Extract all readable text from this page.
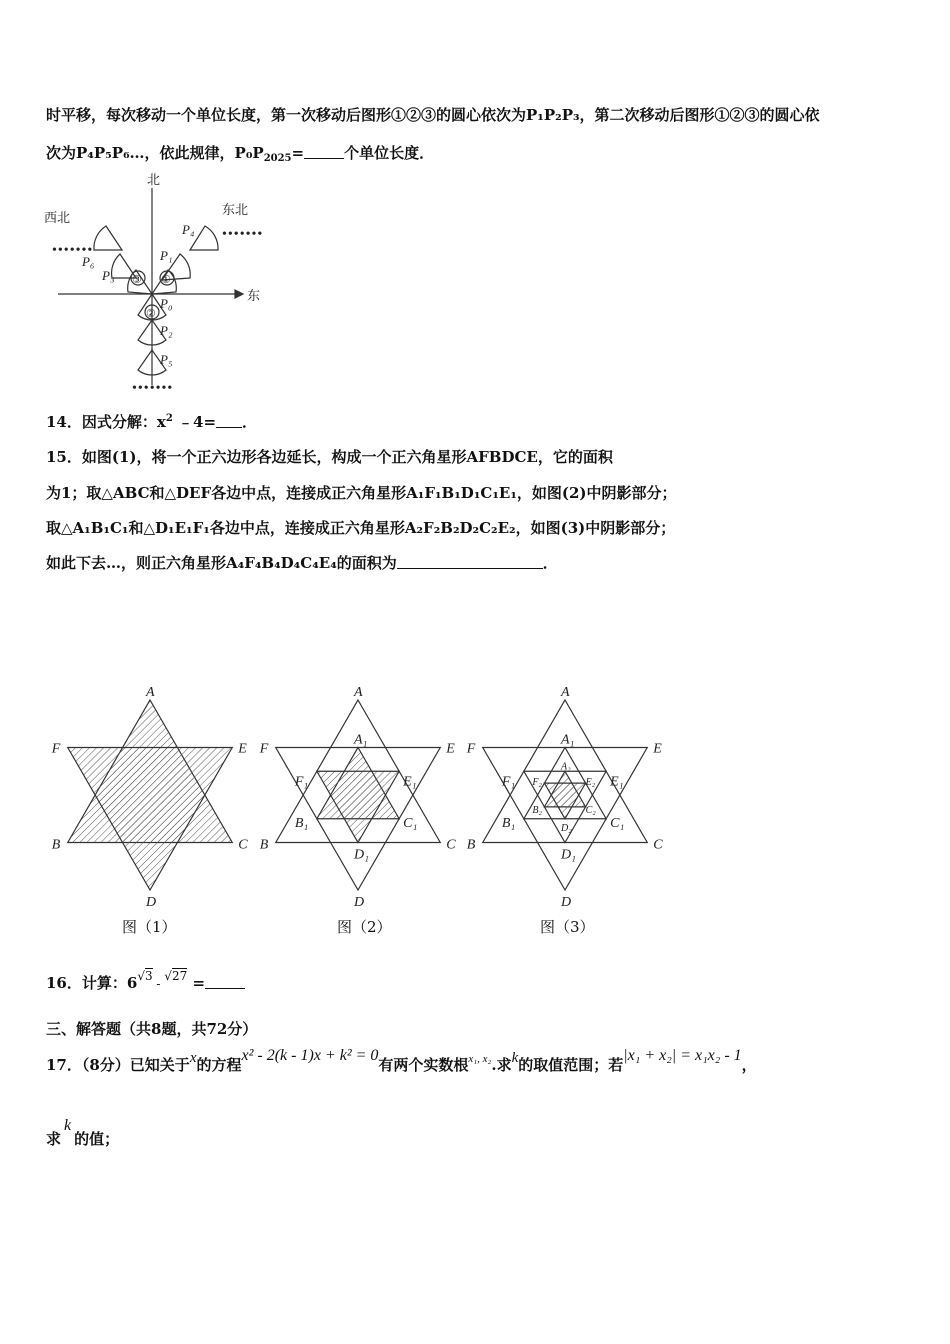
时平移，每次移动一个单位长度，第一次移动后图形①②③的圆心依次为P₁P₂P₃，第二次移动后图形①②③的圆心依
次为P₄P₅P₆…，依此规律，$P_0P_{2025}=$	个单位长度．
北
东
西北
东北
P₁
P₂
P₃
P₄
P₅
P₆
P₀
①
②
③
•••••••
•••••••
•••••••
14．因式分解：$x^2$ ﹣4= ．
15．如图(1)，将一个正六边形各边延长，构成一个正六角星形AFBDCE，它的面积
为1；取△ABC和△DEF各边中点，连接成正六角星形A₁F₁B₁D₁C₁E₁，如图(2)中阴影部分；
取△A₁B₁C₁和△D₁E₁F₁各边中点，连接成正六角星形A₂F₂B₂D₂C₂E₂，如图(3)中阴影部分；
如此下去…，则正六角星形A₄F₄B₄D₄C₄E₄的面积为	．
A
E
C
D
B
F
A
E
C
D
B
F
A₁
E₁
C₁
D₁
B₁
F₁
A
E
C
D
B
F
A₁
E₁
C₁
D₁
B₁
F₁
A₂
E₂
C₂
D₂
B₂
F₂
图（1）	图（2）	图（3）
16．计算：$6^{√3} - ^{√27}$ =
三、解答题（共8题，共72分）
17．（8分）已知关于x的方程x² - 2(k - 1)x + k² = 0有两个实数根$^{x_1, x_2}$.求k的取值范围；若|x₁ + x₂| = x₁x₂ - 1，
求k的值；
